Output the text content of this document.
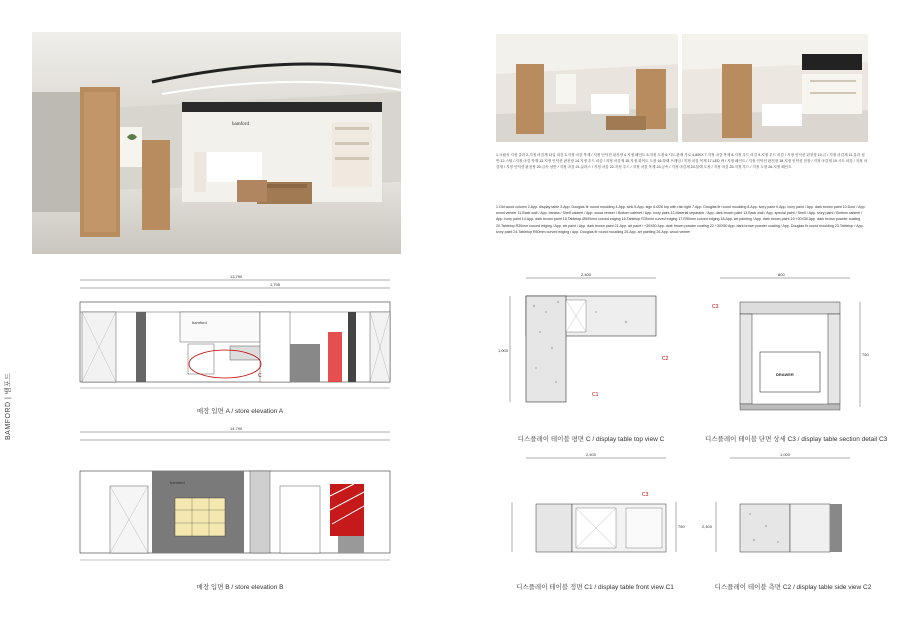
BAMFORD | 뱀포드
bamford
13,790
1,795
bamford
C
매장 입면 A / store elevation A
14,790
bamford
매장 입면 B / store elevation B
1.크림석 지정 골라 2.지정 마감재 타일 마감 3.지정 마감 목재 / 지정 인덕션 핀천장 4.지정 페인트 5.지정 도장 6.시트 판재 가로 4,800X 7.지정 마감 목재 8.지정 우드 마감 9.지정 우드 마감 / 지정 인덕션 핀천장 10.금 / 지정 마감재 11.유리 섬반 12.스틸 / 지정 마감 목재 13.지정 인덕션 판천장 14.지정 우드 마감 / 지정 마감재 15.지정 화이트 도장 16.블랙 프레임 / 지정 마감 목재 17.LED 바 / 지정 페인트 / 지정 인덕션 판천장 18.지정 인덕션 천장 / 지정 마감재 19.시트 마감 / 지정 마감재 / 지정 인덕션 판천장 20.금속 섬반 / 지정 마감 21.글라스 / 지정 마감 22.지정 우드 / 지정 마감 목재 23.금속 / 지정 마감재 24.블랙 도장 / 지정 마감 25.지정 우드 / 지정 도장 26.지정 페인트
1.Old wood column 2.App. display table 3.App. Douglas fir round moulding 4.App. sink 5.App. sign 6.Ø28 top with rain light 7.App. Douglas fir round moulding 8.App. ivory paint 9.App. ivory paint / App. dark brown paint 10.Door / App. wood veneer 11.Back wall / App. barista / Shelf cabinet / App. wood veneer / Bottom cabinet / App. ivory paint 12.Material separator / App. dark brown paint 13.Back wall / App. special paint / Shelf / App. ivory paint / Bottom cabinet / App. ivory paint 14.App. dark brown paint 15.Tabletop Ø500mm curved edging 16.Tabletop R30mm curved edging 17.R50mm curved edging 18.App. art painting / App. dark brown paint 19.+30X50 App. dark brown powder coating 20.Tabletop R30mm curved edging / App. art paint / App. dark brown paint 21.App. art paint / +30X50 App. dark brown powder coating 22.+30X50 App. dark brown powder coating / App. Douglas fir round moulding 23.Tabletop / App. ivory paint 24.Tabletop R50mm curved edging / App. Douglas fir round moulding 25.App. art painting 26.App. wood veneer
2,400
1,000
C2
C1
디스플레이 테이블 평면 C / display table top view C
800
750
DRAWER
C3
디스플레이 테이블 단면 상세 C3 / display table section detail C3
2,400
750
C3
디스플레이 테이블 정면 C1 / display table front view C1
1,000
2,400
디스플레이 테이블 측면 C2 / display table side view C2
